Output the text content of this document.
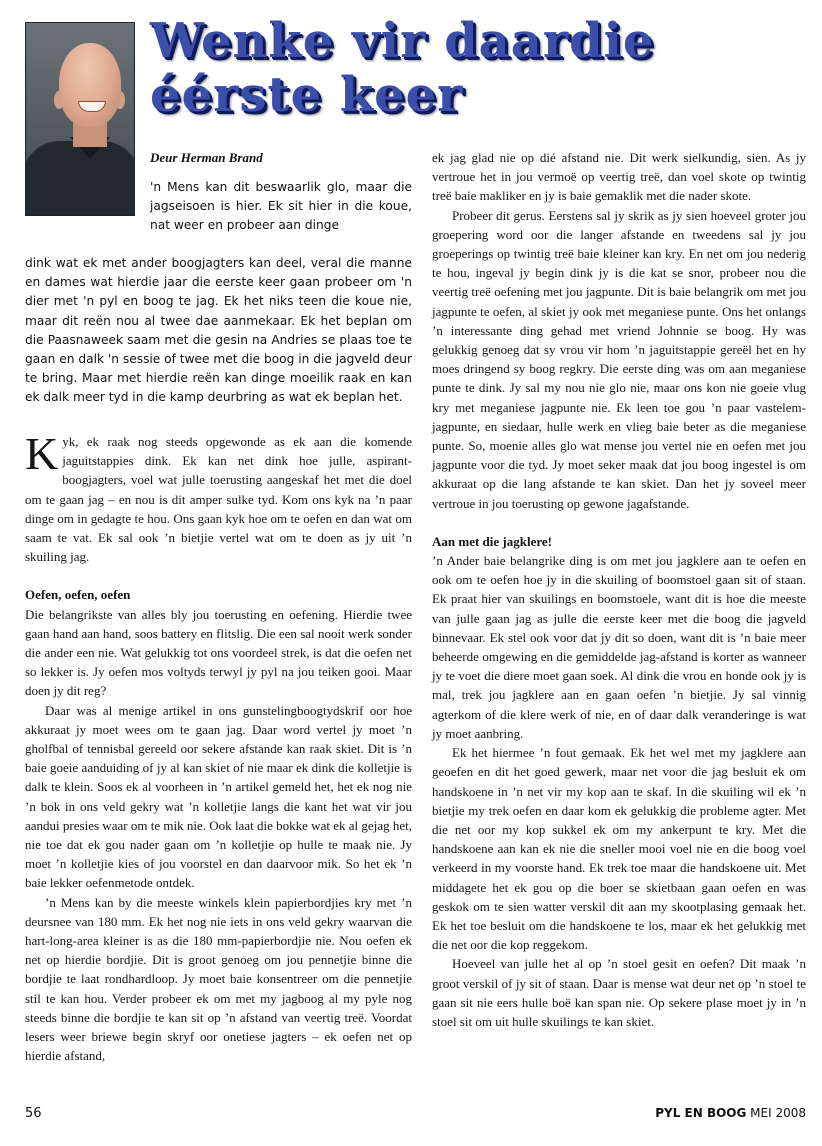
Wenke vir daardie
éérste keer
Deur Herman Brand

'n Mens kan dit beswaarlik glo, maar die jagseisoen is hier. Ek sit hier in die koue, nat weer en probeer aan dinge

dink wat ek met ander boogjagters kan deel, veral die manne en dames wat hierdie jaar die eerste keer gaan probeer om 'n dier met 'n pyl en boog te jag. Ek het niks teen die koue nie, maar dit reën nou al twee dae aanmekaar. Ek het beplan om die Paasnaweek saam met die gesin na Andries se plaas toe te gaan en dalk 'n sessie of twee met die boog in die jagveld deur te bring. Maar met hierdie reën kan dinge moeilik raak en kan ek dalk meer tyd in die kamp deurbring as wat ek beplan het.

Kyk, ek raak nog steeds opgewonde as ek aan die komende jaguitstappies dink. Ek kan net dink hoe julle, aspirant-boogjagters, voel wat julle toerusting aangeskaf het met die doel om te gaan jag – en nou is dit amper sulke tyd. Kom ons kyk na ’n paar dinge om in gedagte te hou. Ons gaan kyk hoe om te oefen en dan wat om saam te vat. Ek sal ook ’n bietjie vertel wat om te doen as jy uit ’n skuiling jag.

Oefen, oefen, oefen

Die belangrikste van alles bly jou toerusting en oefening. Hierdie twee gaan hand aan hand, soos battery en flitslig. Die een sal nooit werk sonder die ander een nie. Wat gelukkig tot ons voordeel strek, is dat die oefen net so lekker is. Jy oefen mos voltyds terwyl jy pyl na jou teiken gooi. Maar doen jy dit reg?

Daar was al menige artikel in ons gunstelingboogtydskrif oor hoe akkuraat jy moet wees om te gaan jag. Daar word vertel jy moet ’n gholfbal of tennisbal gereeld oor sekere afstande kan raak skiet. Dit is ’n baie goeie aanduiding of jy al kan skiet of nie maar ek dink die kolletjie is dalk te klein. Soos ek al voorheen in ’n artikel gemeld het, het ek nog nie ’n bok in ons veld gekry wat ’n kolletjie langs die kant het wat vir jou aandui presies waar om te mik nie. Ook laat die bokke wat ek al gejag het, nie toe dat ek gou nader gaan om ’n kolletjie op hulle te maak nie. Jy moet ’n kolletjie kies of jou voorstel en dan daarvoor mik. So het ek ’n baie lekker oefenmetode ontdek.

’n Mens kan by die meeste winkels klein papierbordjies kry met ’n deursnee van 180 mm. Ek het nog nie iets in ons veld gekry waarvan die hart-long-area kleiner is as die 180 mm-papierbordjie nie. Nou oefen ek net op hierdie bordjie. Dit is groot genoeg om jou pennetjie binne die bordjie te laat rondhardloop. Jy moet baie konsentreer om die pennetjie stil te kan hou. Verder probeer ek om met my jagboog al my pyle nog steeds binne die bordjie te kan sit op ’n afstand van veertig treë. Voordat lesers weer briewe begin skryf oor onetiese jagters – ek oefen net op hierdie afstand,

ek jag glad nie op dié afstand nie. Dit werk sielkundig, sien. As jy vertroue het in jou vermoë op veertig treë, dan voel skote op twintig treë baie makliker en jy is baie gemaklik met die nader skote.

Probeer dit gerus. Eerstens sal jy skrik as jy sien hoeveel groter jou groepering word oor die langer afstande en tweedens sal jy jou groeperings op twintig treë baie kleiner kan kry. En net om jou nederig te hou, ingeval jy begin dink jy is die kat se snor, probeer nou die veertig treë oefening met jou jagpunte. Dit is baie belangrik om met jou jagpunte te oefen, al skiet jy ook met meganiese punte. Ons het onlangs ’n interessante ding gehad met vriend Johnnie se boog. Hy was gelukkig genoeg dat sy vrou vir hom ’n jaguitstappie gereël het en hy moes dringend sy boog regkry. Die eerste ding was om aan meganiese punte te dink. Jy sal my nou nie glo nie, maar ons kon nie goeie vlug kry met meganiese jagpunte nie. Ek leen toe gou ’n paar vastelem-jagpunte, en siedaar, hulle werk en vlieg baie beter as die meganiese punte. So, moenie alles glo wat mense jou vertel nie en oefen met jou jagpunte voor die tyd. Jy moet seker maak dat jou boog ingestel is om akkuraat op die lang afstande te kan skiet. Dan het jy soveel meer vertroue in jou toerusting op gewone jagafstande.

Aan met die jagklere!

’n Ander baie belangrike ding is om met jou jagklere aan te oefen en ook om te oefen hoe jy in die skuiling of boomstoel gaan sit of staan. Ek praat hier van skuilings en boomstoele, want dit is hoe die meeste van julle gaan jag as julle die eerste keer met die boog die jagveld binnevaar. Ek stel ook voor dat jy dit so doen, want dit is ’n baie meer beheerde omgewing en die gemiddelde jag-afstand is korter as wanneer jy te voet die diere moet gaan soek. Al dink die vrou en honde ook jy is mal, trek jou jagklere aan en gaan oefen ’n bietjie. Jy sal vinnig agterkom of die klere werk of nie, en of daar dalk veranderinge is wat jy moet aanbring.

Ek het hiermee ’n fout gemaak. Ek het wel met my jagklere aan geoefen en dit het goed gewerk, maar net voor die jag besluit ek om handskoene in ’n net vir my kop aan te skaf. In die skuiling wil ek ’n bietjie my trek oefen en daar kom ek gelukkig die probleme agter. Met die net oor my kop sukkel ek om my ankerpunt te kry. Met die handskoene aan kan ek nie die sneller mooi voel nie en die boog voel verkeerd in my voorste hand. Ek trek toe maar die handskoene uit. Met middagete het ek gou op die boer se skietbaan gaan oefen en was geskok om te sien watter verskil dit aan my skootplasing gemaak het. Ek het toe besluit om die handskoene te los, maar ek het gelukkig met die net oor die kop reggekom.

Hoeveel van julle het al op ’n stoel gesit en oefen? Dit maak ’n groot verskil of jy sit of staan. Daar is mense wat deur net op ’n stoel te gaan sit nie eers hulle boë kan span nie. Op sekere plase moet jy in ’n stoel sit om uit hulle skuilings te kan skiet.

56	PYL EN BOOG MEI 2008
